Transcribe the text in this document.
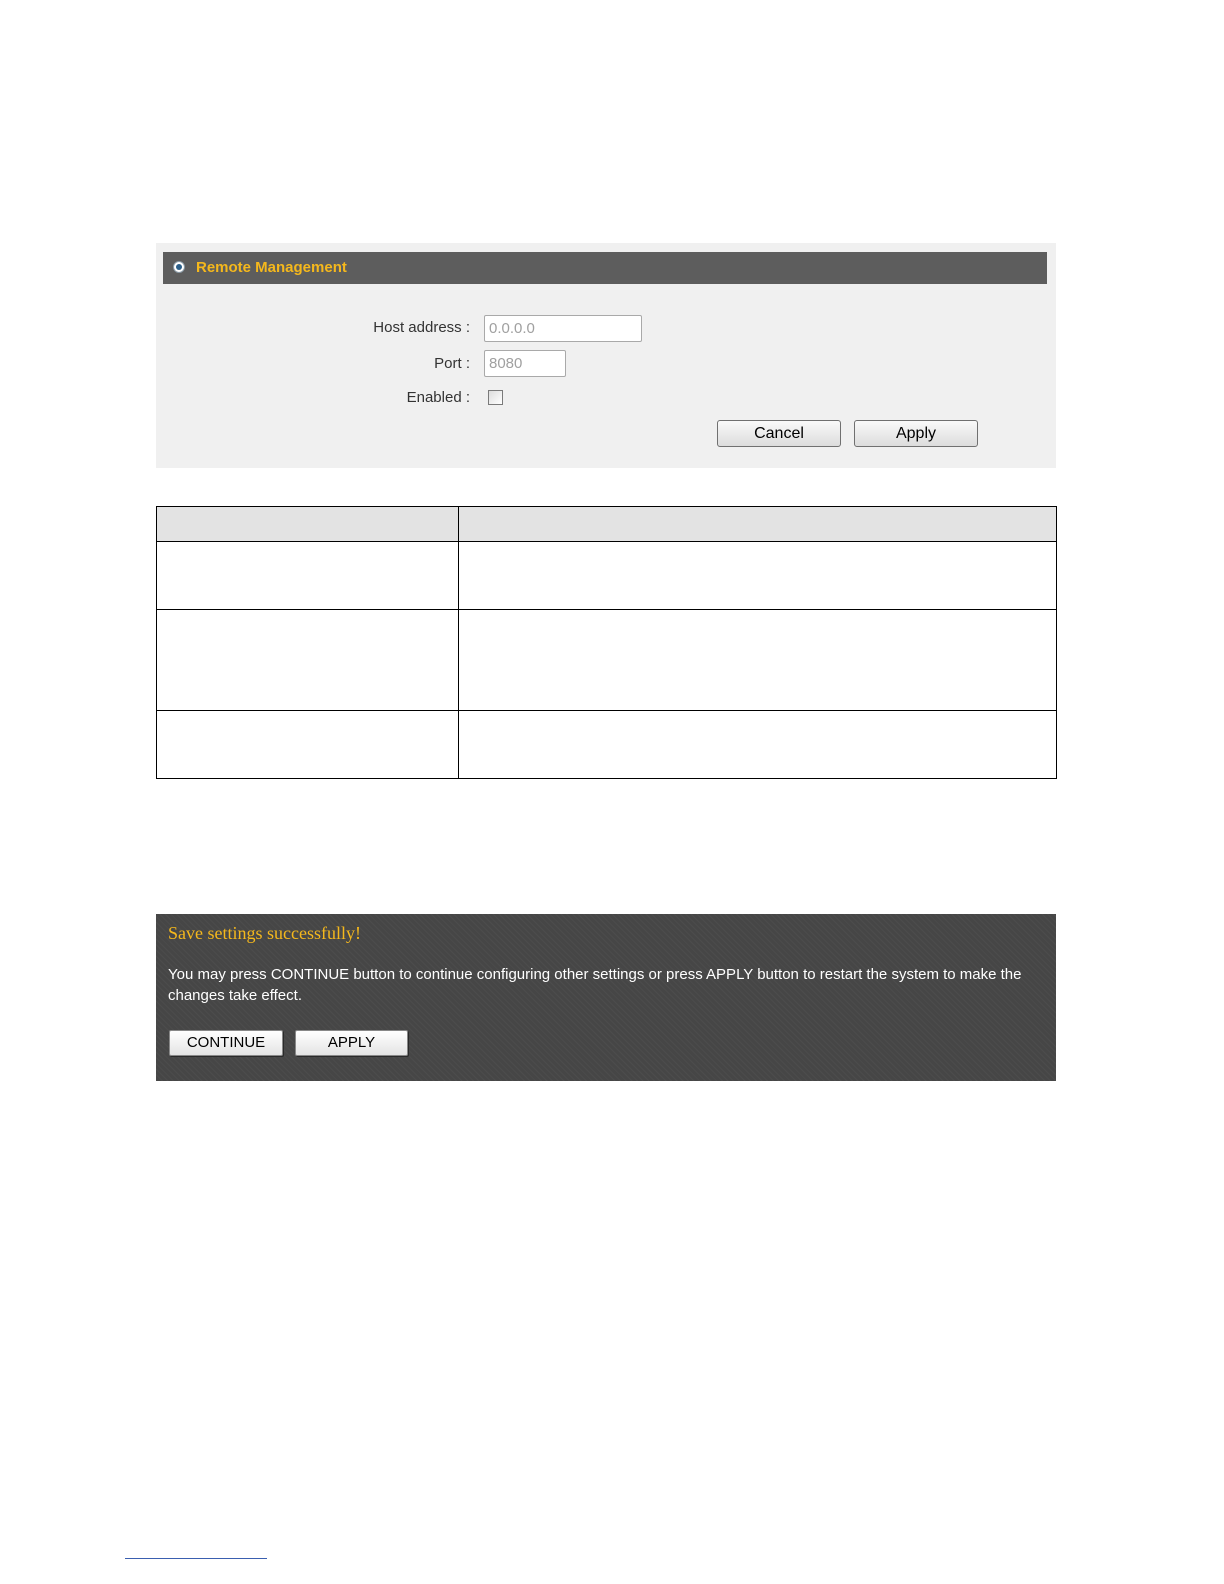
Remote Management
Host address :
0.0.0.0
Port :
8080
Enabled :
Cancel	Apply

Save settings successfully!
You may press CONTINUE button to continue configuring other settings or press APPLY button to restart the system to make the changes take effect.
CONTINUE	APPLY
